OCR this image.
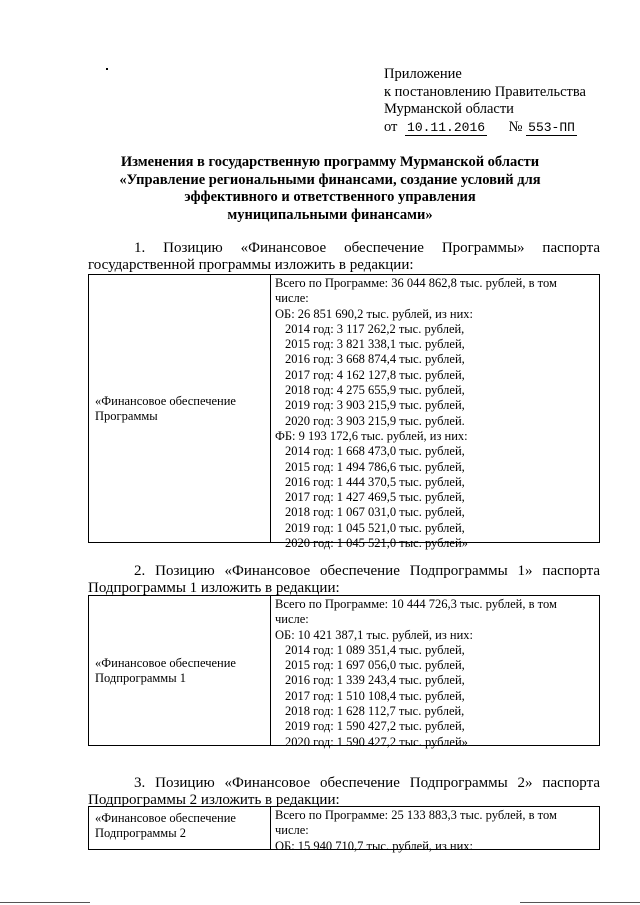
Приложение
к постановлению Правительства
Мурманской области
от 10.11.2016 № 553-ПП
Изменения в государственную программу Мурманской области
«Управление региональными финансами, создание условий для
эффективного и ответственного управления
муниципальными финансами»
1. Позицию «Финансовое обеспечение Программы» паспорта
государственной программы изложить в редакции:
«Финансовое обеспечение
Программы
Всего по Программе: 36 044 862,8 тыс. рублей, в том
числе:
ОБ: 26 851 690,2 тыс. рублей, из них:
2014 год: 3 117 262,2 тыс. рублей,
2015 год: 3 821 338,1 тыс. рублей,
2016 год: 3 668 874,4 тыс. рублей,
2017 год: 4 162 127,8 тыс. рублей,
2018 год: 4 275 655,9 тыс. рублей,
2019 год: 3 903 215,9 тыс. рублей,
2020 год: 3 903 215,9 тыс. рублей.
ФБ: 9 193 172,6 тыс. рублей, из них:
2014 год: 1 668 473,0 тыс. рублей,
2015 год: 1 494 786,6 тыс. рублей,
2016 год: 1 444 370,5 тыс. рублей,
2017 год: 1 427 469,5 тыс. рублей,
2018 год: 1 067 031,0 тыс. рублей,
2019 год: 1 045 521,0 тыс. рублей,
2020 год: 1 045 521,0 тыс. рублей»
2. Позицию «Финансовое обеспечение Подпрограммы 1» паспорта
Подпрограммы 1 изложить в редакции:
«Финансовое обеспечение
Подпрограммы 1
Всего по Программе: 10 444 726,3 тыс. рублей, в том
числе:
ОБ: 10 421 387,1 тыс. рублей, из них:
2014 год: 1 089 351,4 тыс. рублей,
2015 год: 1 697 056,0 тыс. рублей,
2016 год: 1 339 243,4 тыс. рублей,
2017 год: 1 510 108,4 тыс. рублей,
2018 год: 1 628 112,7 тыс. рублей,
2019 год: 1 590 427,2 тыс. рублей,
2020 год: 1 590 427,2 тыс. рублей»
3. Позицию «Финансовое обеспечение Подпрограммы 2» паспорта
Подпрограммы 2 изложить в редакции:
«Финансовое обеспечение
Подпрограммы 2
Всего по Программе: 25 133 883,3 тыс. рублей, в том
числе:
ОБ: 15 940 710,7 тыс. рублей, из них:
